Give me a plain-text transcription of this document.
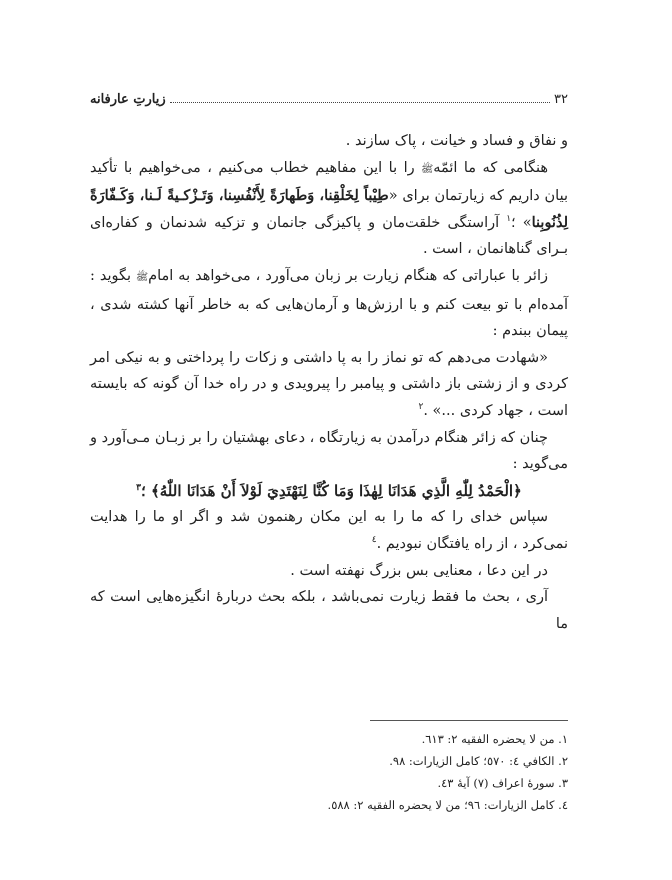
۳۲
زیارتِ عارفانه

و نفاق و فساد و خیانت ، پاک سازند .

هنگامی که ما ائمّهﷺ را با این مفاهیم خطاب می‌کنیم ، می‌خواهیم با تأکید بیان داریم که زیارتمان برای «طِيْباً لِخَلْقِنا، وَطَهارَةً لِأَنْفُسِنا، وَتَـزْكـيةً لَـنا، وَكَـفّارَةً لِذُنُوبِنا» ؛$^١$ آراستگی خلقت‌مان و پاکیزگی جانمان و تزکیه شدنمان و کفاره‌ای بـرای گناهانمان ، است .

زائر با عباراتی که هنگام زیارت بر زبان می‌آورد ، می‌خواهد به امامﷺ بگوید : آمده‌ام با تو بیعت کنم و با ارزش‌ها و آرمان‌هایی که به خاطر آنها کشته شدی ، پیمان ببندم :

«شهادت می‌دهم که تو نماز را به پا داشتی و زکات را پرداختی و به نیکی امر کردی و از زشتی باز داشتی و پیامبر را پیرویدی و در راه خدا آن گونه که بایسته است ، جهاد کردی ...» .$^٢$

چنان که زائر هنگام درآمدن به زیارتگاه ، دعای بهشتیان را بر زبـان مـی‌آورد و می‌گوید :

﴿الْحَمْدُ لِلّٰهِ الَّذِي هَدَانَا لِهٰذَا وَمَا كُنَّا لِنَهْتَدِيَ لَوْلاَ أَنْ هَدَانَا اللّٰهُ﴾ ؛$^٣$

سپاس خدای را که ما را به این مکان رهنمون شد و اگر او ما را هدایت نمی‌کرد ، از راه یافتگان نبودیم .$^٤$

در این دعا ، معنایی بس بزرگ نهفته است .

آری ، بحث ما فقط زیارت نمی‌باشد ، بلکه بحث دربارهٔ انگیزه‌هایی است که ما

١. من لا يحضره الفقيه ٢: ٦١٣.
٢. الكافي ٤: ٥٧٠؛ كامل الزيارات: ٩٨.
٣. سورهٔ اعراف (٧) آیهٔ ٤٣.
٤. كامل الزيارات: ٩٦؛ من لا يحضره الفقيه ٢: ٥٨٨.
